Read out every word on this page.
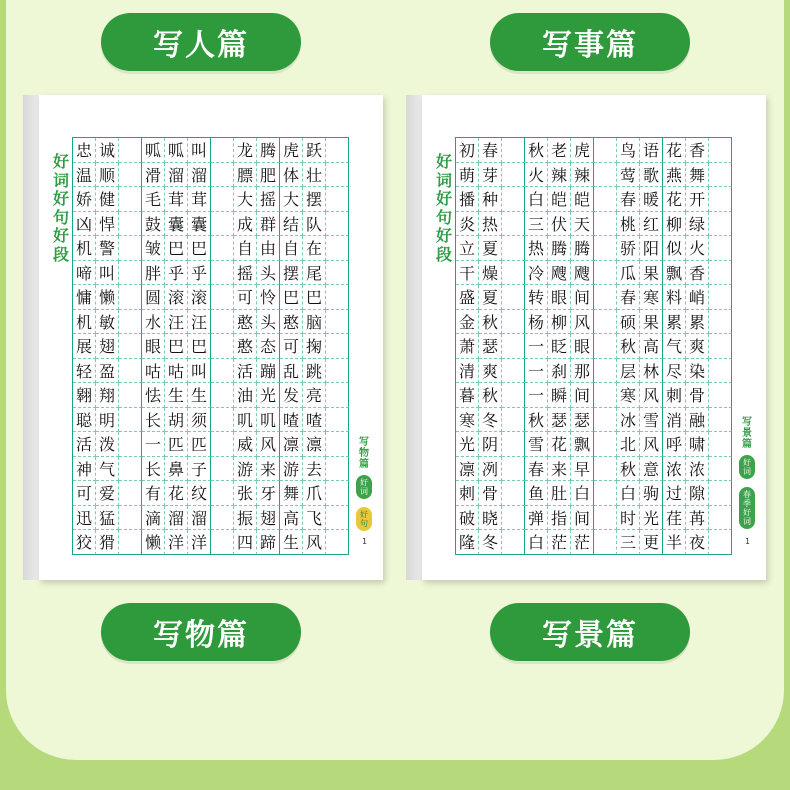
写人篇	写事篇
好
词
好
句
好
段
忠 诚 呱 呱 叫 龙 腾 虎 跃
温 顺 滑 溜 溜 膘 肥 体 壮
娇 健 毛 茸 茸 大 摇 大 摆
凶 悍 鼓 囊 囊 成 群 结 队
机 警 皱 巴 巴 自 由 自 在
啼 叫 胖 乎 乎 摇 头 摆 尾
慵 懒 圆 滚 滚 可 怜 巴 巴
机 敏 水 汪 汪 憨 头 憨 脑
展 翅 眼 巴 巴 憨 态 可 掬
轻 盈 咕 咕 叫 活 蹦 乱 跳
翱 翔 怯 生 生 油 光 发 亮
聪 明 长 胡 须 叽 叽 喳 喳
活 泼 一 匹 匹 威 风 凛 凛
神 气 长 鼻 子 游 来 游 去
可 爱 有 花 纹 张 牙 舞 爪
迅 猛 滴 溜 溜 振 翅 高 飞
狡 猾 懒 洋 洋 四 蹄 生 风
写
物
篇
好
词
好
句
1
好
词
好
句
好
段
初 春 秋 老 虎 鸟 语 花 香
萌 芽 火 辣 辣 莺 歌 燕 舞
播 种 白 皑 皑 春 暖 花 开
炎 热 三 伏 天 桃 红 柳 绿
立 夏 热 腾 腾 骄 阳 似 火
干 燥 冷 飕 飕 瓜 果 飘 香
盛 夏 转 眼 间 春 寒 料 峭
金 秋 杨 柳 风 硕 果 累 累
萧 瑟 一 眨 眼 秋 高 气 爽
清 爽 一 刹 那 层 林 尽 染
暮 秋 一 瞬 间 寒 风 刺 骨
寒 冬 秋 瑟 瑟 冰 雪 消 融
光 阴 雪 花 飘 北 风 呼 啸
凛 冽 春 来 早 秋 意 浓 浓
刺 骨 鱼 肚 白 白 驹 过 隙
破 晓 弹 指 间 时 光 荏 苒
隆 冬 白 茫 茫 三 更 半 夜
写
景
篇
好
词
春
季
好
词
1
写物篇	写景篇
